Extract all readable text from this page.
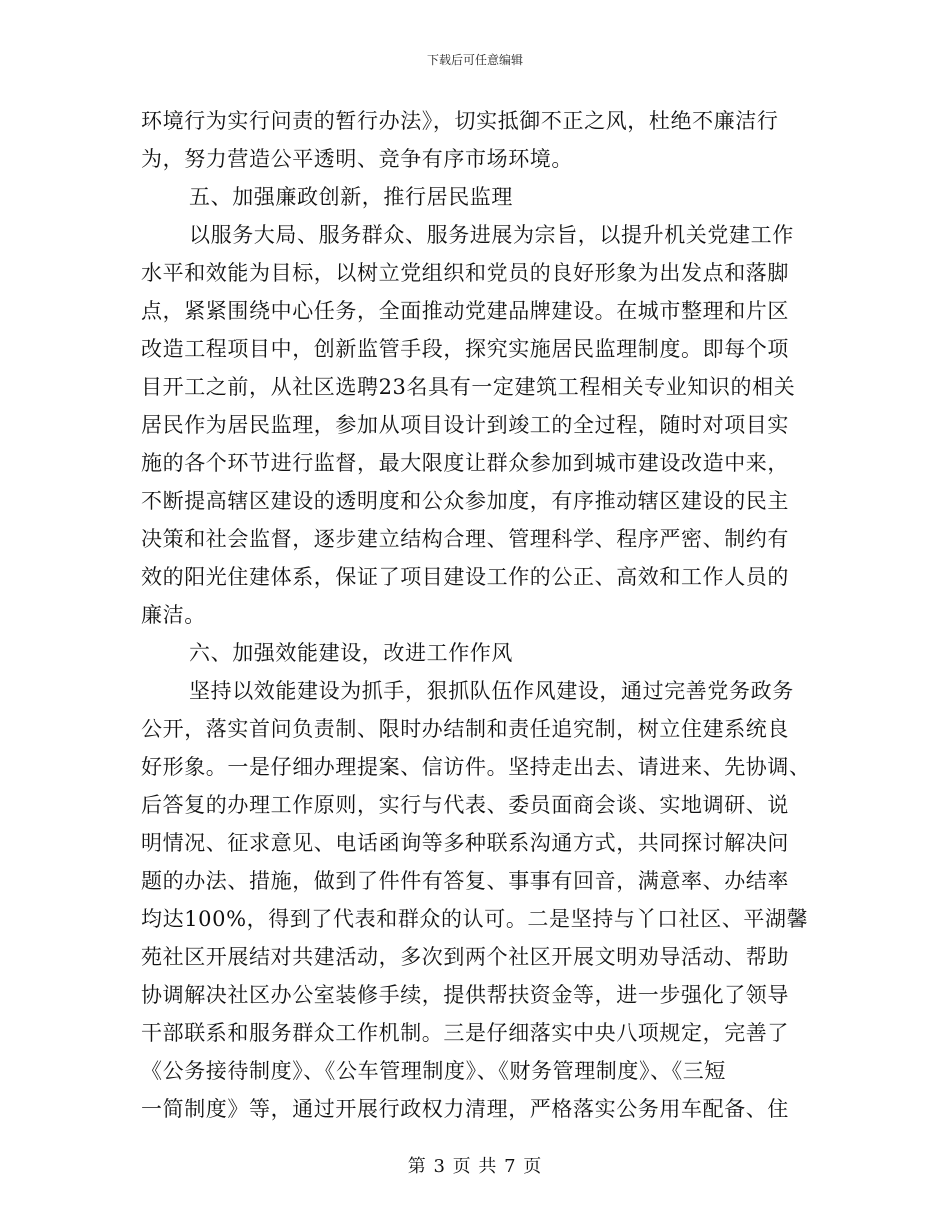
下载后可任意编辑
环境行为实行问责的暂行办法》，切实抵御不正之风，杜绝不廉洁行
为，努力营造公平透明、竞争有序市场环境。
五、加强廉政创新，推行居民监理
以服务大局、服务群众、服务进展为宗旨，以提升机关党建工作
水平和效能为目标，以树立党组织和党员的良好形象为出发点和落脚
点，紧紧围绕中心任务，全面推动党建品牌建设。在城市整理和片区
改造工程项目中，创新监管手段，探究实施居民监理制度。即每个项
目开工之前，从社区选聘23名具有一定建筑工程相关专业知识的相关
居民作为居民监理，参加从项目设计到竣工的全过程，随时对项目实
施的各个环节进行监督，最大限度让群众参加到城市建设改造中来，
不断提高辖区建设的透明度和公众参加度，有序推动辖区建设的民主
决策和社会监督，逐步建立结构合理、管理科学、程序严密、制约有
效的阳光住建体系，保证了项目建设工作的公正、高效和工作人员的
廉洁。
六、加强效能建设，改进工作作风
坚持以效能建设为抓手，狠抓队伍作风建设，通过完善党务政务
公开，落实首问负责制、限时办结制和责任追究制，树立住建系统良
好形象。一是仔细办理提案、信访件。坚持走出去、请进来、先协调、
后答复的办理工作原则，实行与代表、委员面商会谈、实地调研、说
明情况、征求意见、电话函询等多种联系沟通方式，共同探讨解决问
题的办法、措施，做到了件件有答复、事事有回音，满意率、办结率
均达100%，得到了代表和群众的认可。二是坚持与丫口社区、平湖馨
苑社区开展结对共建活动，多次到两个社区开展文明劝导活动、帮助
协调解决社区办公室装修手续，提供帮扶资金等，进一步强化了领导
干部联系和服务群众工作机制。三是仔细落实中央八项规定，完善了
《公务接待制度》、《公车管理制度》、《财务管理制度》、《三短
一简制度》等，通过开展行政权力清理，严格落实公务用车配备、住
第 3 页 共 7 页
